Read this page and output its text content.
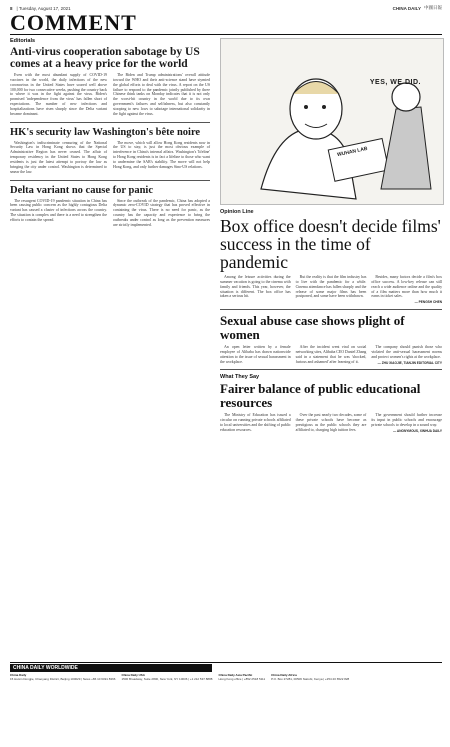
8 | Tuesday, August 17, 2021	CHINA DAILY 中國日報
COMMENT
Editorials
Anti-virus cooperation sabotage by US comes at a heavy price for the world

Even with the most abundant supply of COVID-19 vaccines in the world, the daily infections of the new coronavirus in the United States have soared well above 100,000 for two consecutive weeks, pushing the country back to where it was in the fight against the virus. Biden's promised 'independence from the virus' has fallen short of expectations. The number of new infections and hospitalizations have risen sharply since the Delta variant became dominant.

The Biden and Trump administrations' overall attitude toward the WHO and their anti-science stand have stymied the global efforts to deal with the virus. A report on the US failure to respond to the pandemic jointly published by three Chinese think tanks on Monday indicates that it is not only the worst-hit country in the world due to its own government's failures and selfishness, but also constantly stooping to new lows to sabotage international solidarity in the fight against the virus.

HK's security law Washington's bête noire

Washington's indiscriminate censuring of the National Security Law in Hong Kong shows that the Special Administrative Region has never ceased. The affair of temporary residency in the United States to Hong Kong residents is just the latest attempt to portray the law as bringing the city under control. Washington is determined to smear the law.

The move, which will allow Hong Kong residents now in the US to stay, is just the most obvious example of interference in China's internal affairs. Washington's 'lifeline' to Hong Kong residents is in fact a lifeline to those who want to undermine the SAR's stability. The move will not help Hong Kong, and only further damages Sino-US relations.

Delta variant no cause for panic

The resurgent COVID-19 pandemic situation in China has been causing public concern as the highly contagious Delta variant has caused a cluster of infections across the country. The situation is complex and there is a need to strengthen the efforts to contain the spread.

Since the outbreak of the pandemic, China has adopted a dynamic zero-COVID strategy that has proved effective in containing the virus. There is no need for panic, as the country has the capacity and experience to bring the outbreaks under control as long as the prevention measures are strictly implemented.

YES, WE DID.
WUHAN LAB
Opinion Line
Box office doesn't decide films' success in the time of pandemic

Among the leisure activities during the summer vacation is going to the cinema with family and friends. This year, however, the situation is different. The box office has taken a serious hit.

But the reality is that the film industry has to live with the pandemic for a while. Cinema attendance has fallen sharply and the release of some major films has been postponed, and some have been withdrawn.

Besides, many factors decide a film's box office success. A low-key release can still reach a wide audience online and the quality of a film matters more than how much it earns in ticket sales.

— PENGSH CHEN
Sexual abuse case shows plight of women

An open letter written by a female employee of Alibaba has drawn nationwide attention to the issue of sexual harassment in the workplace.

After the incident went viral on social networking sites, Alibaba CEO Daniel Zhang said in a statement that he was 'shocked, furious and ashamed' after learning of it.

The company should punish those who violated the anti-sexual harassment norms and protect women's rights at the workplace.

— ZHU XIAOJIE, TIANJIN EDITORIAL CITY
What They Say
Fairer balance of public educational resources

The Ministry of Education has issued a circular on running private schools affiliated to local universities and the shifting of public education resources.

Over the past nearly two decades, some of these private schools have become as prestigious as the public schools they are affiliated to, charging high tuition fees.

The government should further increase its input in public schools and encourage private schools to develop in a sound way.

— ANONYMOUS, XINHUA DAILY
CHINA DAILY WORLDWIDE
China Daily
15 Huixin Dongjie, Chaoyang District, Beijing 100029 | News +86 10 6491 8366
China Daily USA
1500 Broadway, Suite 2800, New York, NY 10036 | +1 212 537 8888
China Daily Asia Pacific
Hong Kong office | +852 2518 5111
China Daily Africa
P.O. Box 27281, 00506 Nairobi, Kenya | +254 20 6522 828
